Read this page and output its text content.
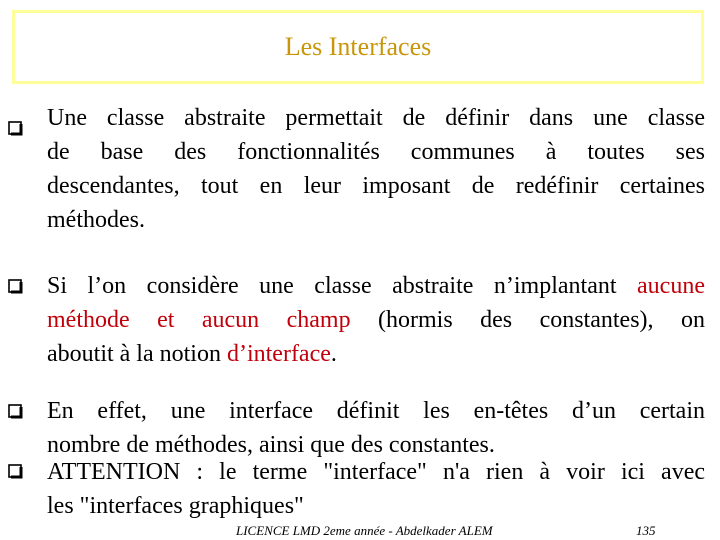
Les Interfaces
Une classe abstraite permettait de définir dans une classe
de base des fonctionnalités communes à toutes ses
descendantes, tout en leur imposant de redéfinir certaines
méthodes.
Si l’on considère une classe abstraite n’implantant aucune
méthode et aucun champ (hormis des constantes), on
aboutit à la notion d’interface.
En effet, une interface définit les en-têtes d’un certain
nombre de méthodes, ainsi que des constantes.
ATTENTION : le terme "interface" n'a rien à voir ici avec
les "interfaces graphiques"
LICENCE LMD 2eme année - Abdelkader ALEM	135
